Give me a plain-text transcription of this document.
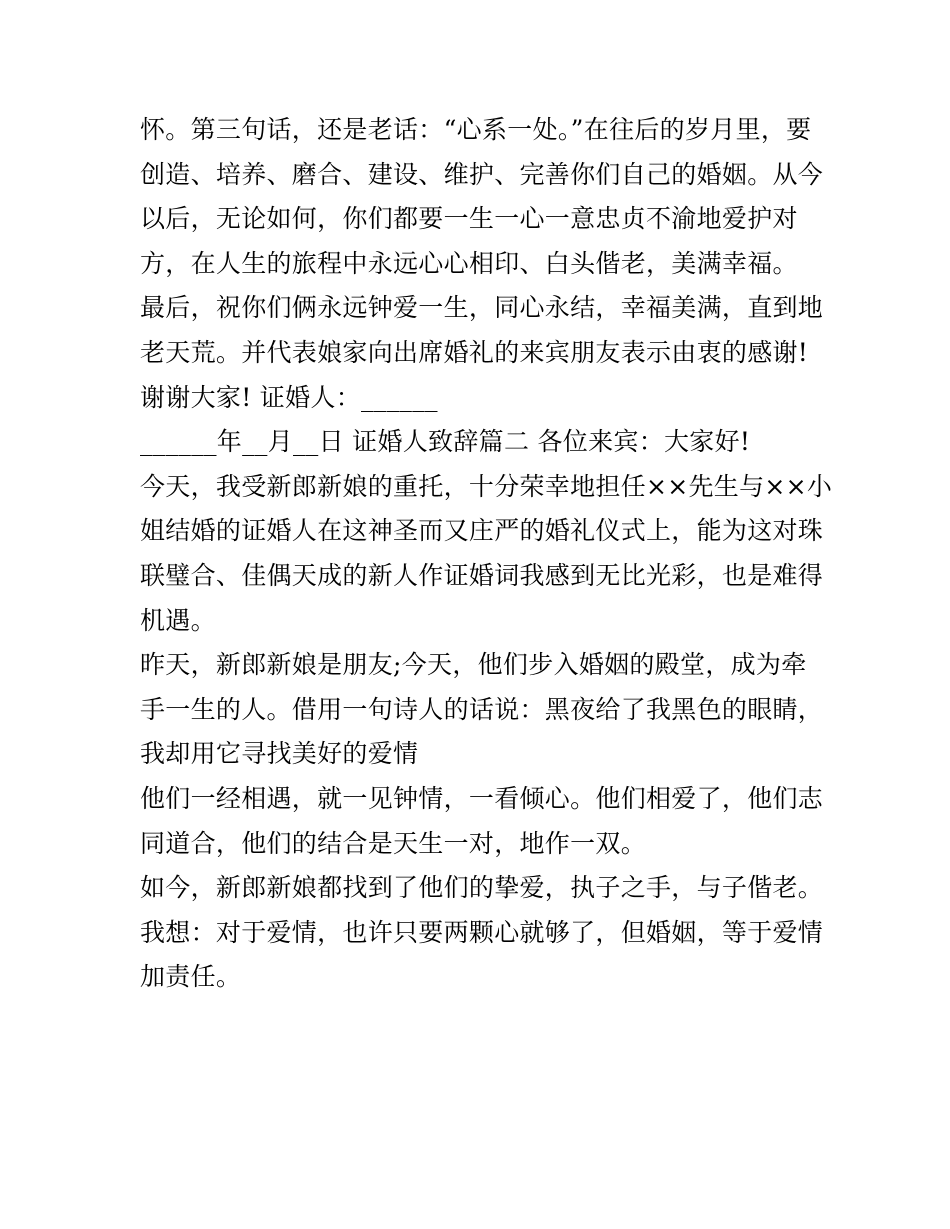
怀。第三句话，还是老话：“心系一处。”在往后的岁月里，要
创造、培养、磨合、建设、维护、完善你们自己的婚姻。从今
以后，无论如何，你们都要一生一心一意忠贞不渝地爱护对
方，在人生的旅程中永远心心相印、白头偕老，美满幸福。
最后，祝你们俩永远钟爱一生，同心永结，幸福美满，直到地
老天荒。并代表娘家向出席婚礼的来宾朋友表示由衷的感谢!
谢谢大家! 证婚人：______
______年__月__日 证婚人致辞篇二 各位来宾：大家好!
今天，我受新郎新娘的重托，十分荣幸地担任××先生与××小
姐结婚的证婚人在这神圣而又庄严的婚礼仪式上，能为这对珠
联璧合、佳偶天成的新人作证婚词我感到无比光彩，也是难得
机遇。
昨天，新郎新娘是朋友;今天，他们步入婚姻的殿堂，成为牵
手一生的人。借用一句诗人的话说：黑夜给了我黑色的眼睛，
我却用它寻找美好的爱情
他们一经相遇，就一见钟情，一看倾心。他们相爱了，他们志
同道合，他们的结合是天生一对，地作一双。
如今，新郎新娘都找到了他们的挚爱，执子之手，与子偕老。
我想：对于爱情，也许只要两颗心就够了，但婚姻，等于爱情
加责任。
